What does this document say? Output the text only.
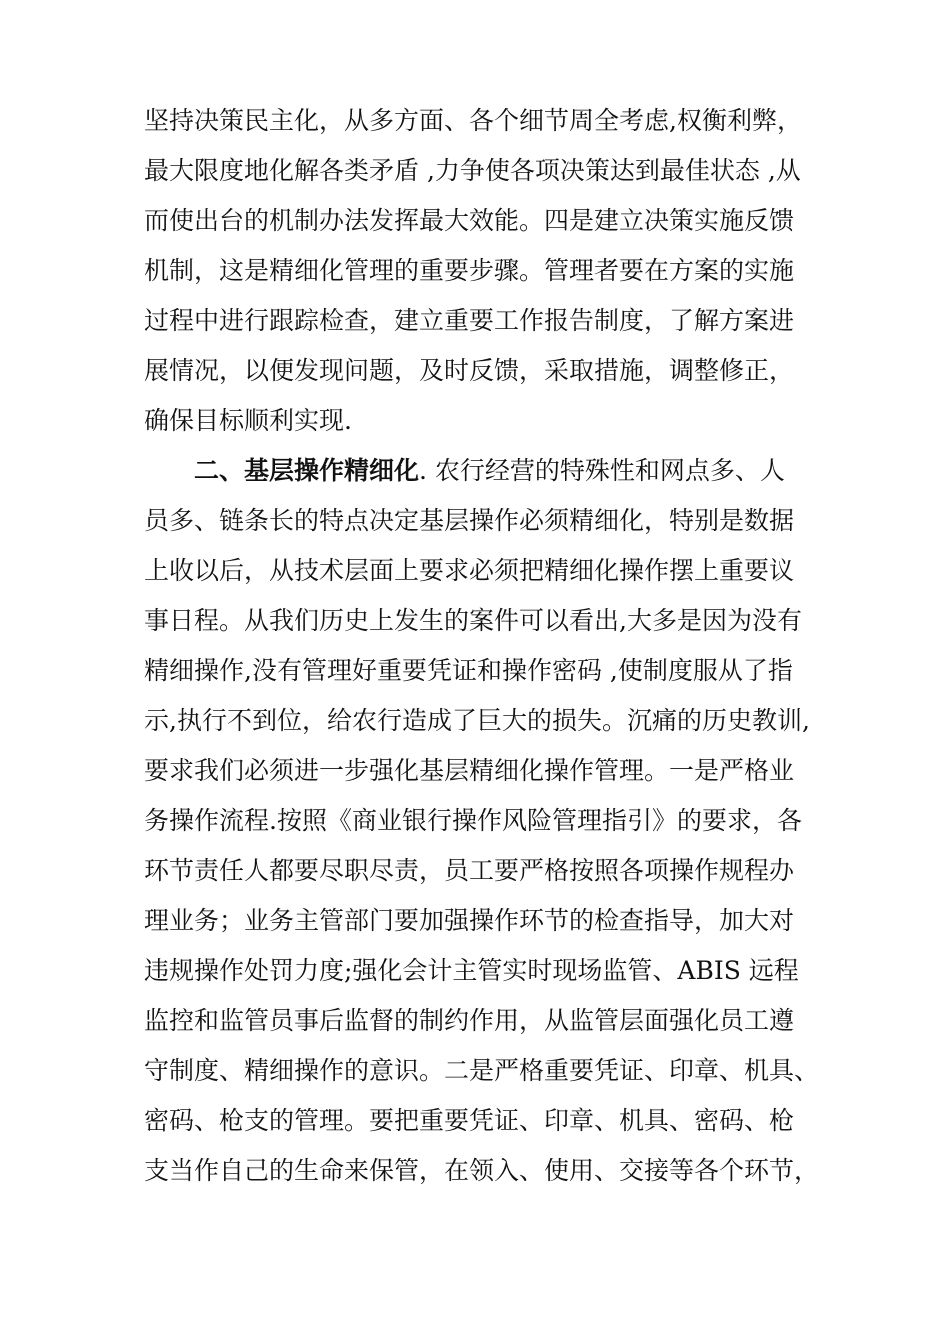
坚持决策民主化，从多方面、各个细节周全考虑,权衡利弊，
最大限度地化解各类矛盾 ,力争使各项决策达到最佳状态 ,从
而使出台的机制办法发挥最大效能。四是建立决策实施反馈
机制，这是精细化管理的重要步骤。管理者要在方案的实施
过程中进行跟踪检查，建立重要工作报告制度，了解方案进
展情况，以便发现问题，及时反馈，采取措施，调整修正，
确保目标顺利实现.
二、基层操作精细化. 农行经营的特殊性和网点多、人
员多、链条长的特点决定基层操作必须精细化，特别是数据
上收以后，从技术层面上要求必须把精细化操作摆上重要议
事日程。从我们历史上发生的案件可以看出,大多是因为没有
精细操作,没有管理好重要凭证和操作密码 ,使制度服从了指
示,执行不到位，给农行造成了巨大的损失。沉痛的历史教训,
要求我们必须进一步强化基层精细化操作管理。一是严格业
务操作流程.按照《商业银行操作风险管理指引》的要求，各
环节责任人都要尽职尽责，员工要严格按照各项操作规程办
理业务；业务主管部门要加强操作环节的检查指导，加大对
违规操作处罚力度;强化会计主管实时现场监管、ABIS 远程
监控和监管员事后监督的制约作用，从监管层面强化员工遵
守制度、精细操作的意识。二是严格重要凭证、印章、机具、
密码、枪支的管理。要把重要凭证、印章、机具、密码、枪
支当作自己的生命来保管，在领入、使用、交接等各个环节，
